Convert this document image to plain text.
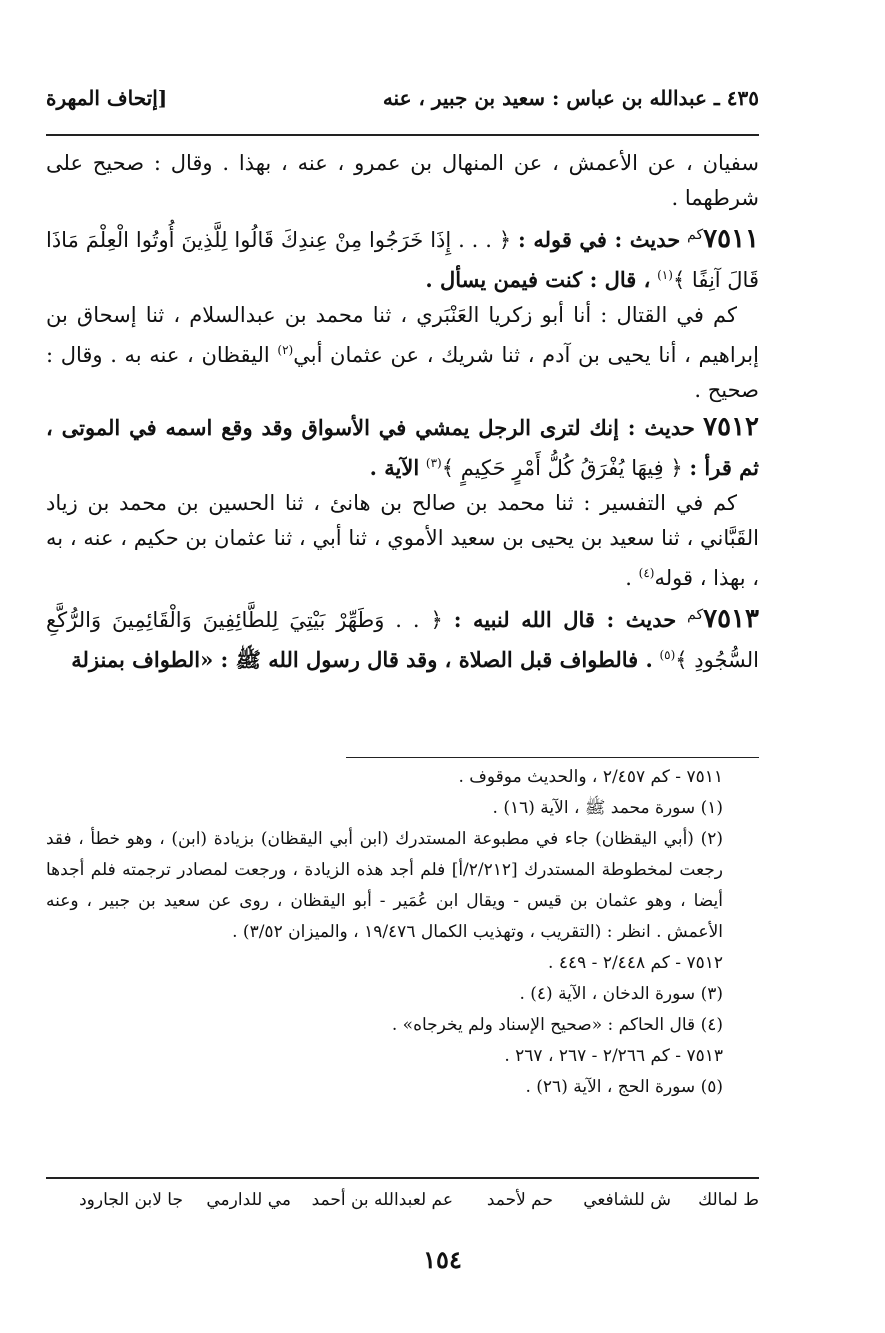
٤٣٥ ـ عبدالله بن عباس : سعيد بن جبير ، عنه
[إتحاف المهرة

سفيان ، عن الأعمش ، عن المنهال بن عمرو ، عنه ، بهذا . وقال : صحيح على شرطهما .

$٧٥١١^{كم}$ حديث : في قوله : ﴿ . . . إِذَا خَرَجُوا مِنْ عِندِكَ قَالُوا لِلَّذِينَ أُوتُوا الْعِلْمَ مَاذَا قَالَ آنِفًا ﴾$^{(١)}$ ، قال : كنت فيمن يسأل .

كم في القتال : أنا أبو زكريا العَنْبَري ، ثنا محمد بن عبدالسلام ، ثنا إسحاق بن إبراهيم ، أنا يحيى بن آدم ، ثنا شريك ، عن عثمان أبي$^{(٢)}$ اليقظان ، عنه به . وقال : صحيح .

٧٥١٢ حديث : إنك لترى الرجل يمشي في الأسواق وقد وقع اسمه في الموتى ، ثم قرأ : ﴿ فِيهَا يُفْرَقُ كُلُّ أَمْرٍ حَكِيمٍ ﴾$^{(٣)}$ الآية .

كم في التفسير : ثنا محمد بن صالح بن هانئ ، ثنا الحسين بن محمد بن زياد القَبَّاني ، ثنا سعيد بن يحيى بن سعيد الأموي ، ثنا أبي ، ثنا عثمان بن حكيم ، عنه ، به ، بهذا ، قوله$^{(٤)}$ .

$٧٥١٣^{كم}$ حديث : قال الله لنبيه : ﴿ . . وَطَهِّرْ بَيْتِيَ لِلطَّائِفِينَ وَالْقَائِمِينَ وَالرُّكَّعِ السُّجُودِ ﴾$^{(٥)}$ . فالطواف قبل الصلاة ، وقد قال رسول الله ﷺ : «الطواف بمنزلة

٧٥١١ - كم ٢/٤٥٧ ، والحديث موقوف .

(١) سورة محمد ﷺ ، الآية (١٦) .

(٢) (أبي اليقظان) جاء في مطبوعة المستدرك (ابن أبي اليقظان) بزيادة (ابن) ، وهو خطأ ، فقد رجعت لمخطوطة المستدرك [٢/٢١٢/أ] فلم أجد هذه الزيادة ، ورجعت لمصادر ترجمته فلم أجدها أيضا ، وهو عثمان بن قيس - ويقال ابن عُمَير - أبو اليقظان ، روى عن سعيد بن جبير ، وعنه الأعمش . انظر : (التقريب ، وتهذيب الكمال ١٩/٤٧٦ ، والميزان ٣/٥٢) .

٧٥١٢ - كم ٢/٤٤٨ - ٤٤٩ .

(٣) سورة الدخان ، الآية (٤) .

(٤) قال الحاكم : «صحيح الإسناد ولم يخرجاه» .

٧٥١٣ - كم ٢/٢٦٦ - ٢٦٧ ، ٢٦٧ .

(٥) سورة الحج ، الآية (٢٦) .

ط لمالك
ش للشافعي
حم لأحمد
عم لعبدالله بن أحمد
مي للدارمي
جا لابن الجارود
١٥٤
